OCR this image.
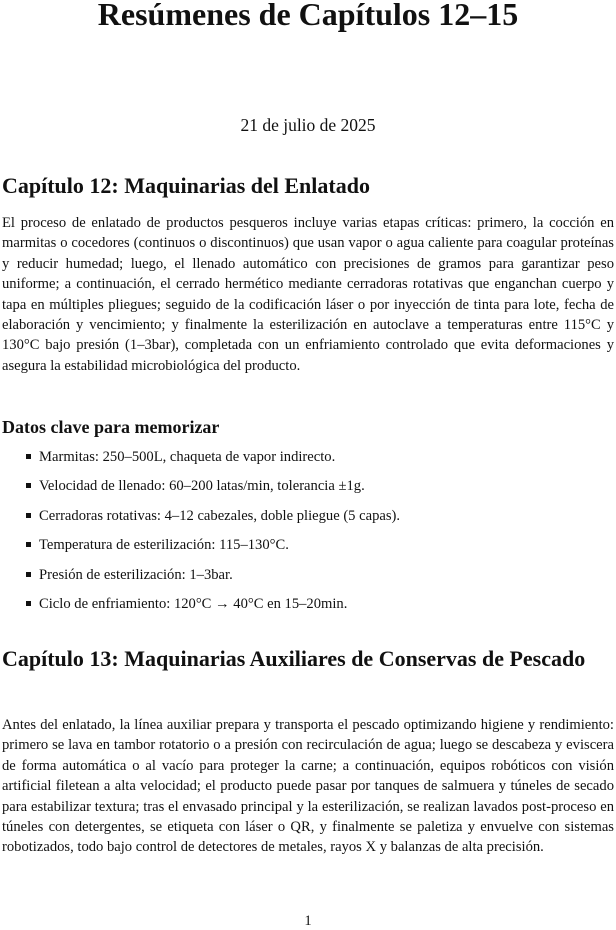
Resúmenes de Capítulos 12–15
21 de julio de 2025
Capítulo 12: Maquinarias del Enlatado

El proceso de enlatado de productos pesqueros incluye varias etapas críticas: primero, la cocción en marmitas o cocedores (continuos o discontinuos) que usan vapor o agua caliente para coagular proteínas y reducir humedad; luego, el llenado automático con precisiones de gramos para garantizar peso uniforme; a continuación, el cerrado hermético mediante cerradoras rotativas que enganchan cuerpo y tapa en múltiples pliegues; seguido de la codificación láser o por inyección de tinta para lote, fecha de elaboración y vencimiento; y finalmente la esterilización en autoclave a temperaturas entre 115°C y 130°C bajo presión (1–3bar), completada con un enfriamiento controlado que evita deformaciones y asegura la estabilidad microbiológica del producto.

Datos clave para memorizar
Marmitas: 250–500L, chaqueta de vapor indirecto.
Velocidad de llenado: 60–200 latas/min, tolerancia ±1g.
Cerradoras rotativas: 4–12 cabezales, doble pliegue (5 capas).
Temperatura de esterilización: 115–130°C.
Presión de esterilización: 1–3bar.
Ciclo de enfriamiento: 120°C → 40°C en 15–20min.
Capítulo 13: Maquinarias Auxiliares de Conservas de Pescado

Antes del enlatado, la línea auxiliar prepara y transporta el pescado optimizando higiene y rendimiento: primero se lava en tambor rotatorio o a presión con recirculación de agua; luego se descabeza y eviscera de forma automática o al vacío para proteger la carne; a continuación, equipos robóticos con visión artificial filetean a alta velocidad; el producto puede pasar por tanques de salmuera y túneles de secado para estabilizar textura; tras el envasado principal y la esterilización, se realizan lavados post-proceso en túneles con detergentes, se etiqueta con láser o QR, y finalmente se paletiza y envuelve con sistemas robotizados, todo bajo control de detectores de metales, rayos X y balanzas de alta precisión.

1
